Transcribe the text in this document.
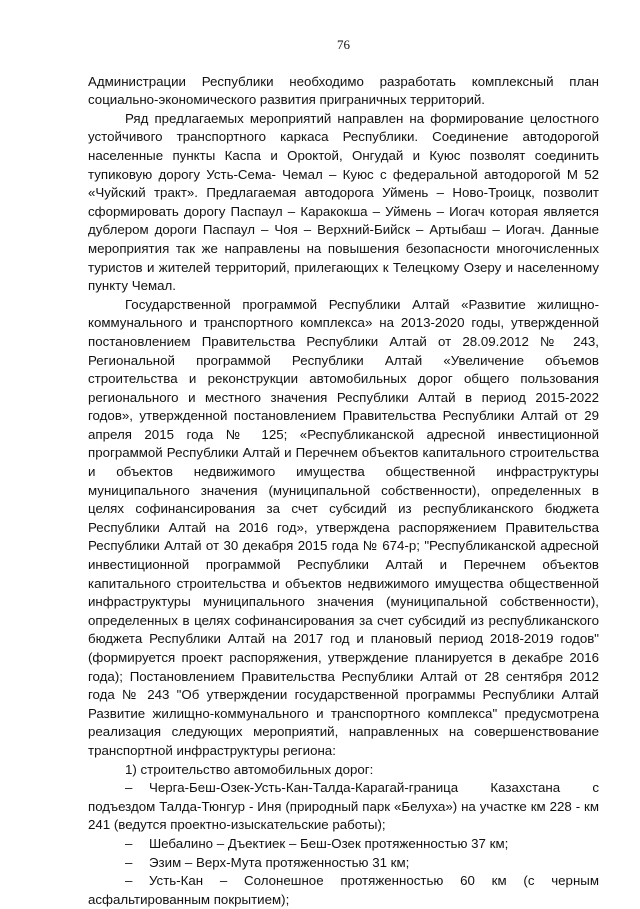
76

Администрации Республики необходимо разработать комплексный план социально-экономического развития приграничных территорий.

Ряд предлагаемых мероприятий направлен на формирование целостного устойчивого транспортного каркаса Республики. Соединение автодорогой населенные пункты Каспа и Ороктой, Онгудай и Куюс позволят соединить тупиковую дорогу Усть-Сема- Чемал – Куюс с федеральной автодорогой М 52 «Чуйский тракт». Предлагаемая автодорога Уймень – Ново-Троицк, позволит сформировать дорогу Паспаул – Каракокша – Уймень – Иогач которая является дублером дороги Паспаул – Чоя – Верхний-Бийск – Артыбаш – Иогач. Данные мероприятия так же направлены на повышения безопасности многочисленных туристов и жителей территорий, прилегающих к Телецкому Озеру и населенному пункту Чемал.

Государственной программой Республики Алтай «Развитие жилищно-коммунального и транспортного комплекса» на 2013-2020 годы, утвержденной постановлением Правительства Республики Алтай от 28.09.2012 № 243, Региональной программой Республики Алтай «Увеличение объемов строительства и реконструкции автомобильных дорог общего пользования регионального и местного значения Республики Алтай в период 2015-2022 годов», утвержденной постановлением Правительства Республики Алтай от 29 апреля 2015 года № 125; «Республиканской адресной инвестиционной программой Республики Алтай и Перечнем объектов капитального строительства и объектов недвижимого имущества общественной инфраструктуры муниципального значения (муниципальной собственности), определенных в целях софинансирования за счет субсидий из республиканского бюджета Республики Алтай на 2016 год», утверждена распоряжением Правительства Республики Алтай от 30 декабря 2015 года № 674-р; "Республиканской адресной инвестиционной программой Республики Алтай и Перечнем объектов капитального строительства и объектов недвижимого имущества общественной инфраструктуры муниципального значения (муниципальной собственности), определенных в целях софинансирования за счет субсидий из республиканского бюджета Республики Алтай на 2017 год и плановый период 2018-2019 годов" (формируется проект распоряжения, утверждение планируется в декабре 2016 года); Постановлением Правительства Республики Алтай от 28 сентября 2012 года № 243 "Об утверждении государственной программы Республики Алтай Развитие жилищно-коммунального и транспортного комплекса" предусмотрена реализация следующих мероприятий, направленных на совершенствование транспортной инфраструктуры региона:

1) строительство автомобильных дорог:

– Черга-Беш-Озек-Усть-Кан-Талда-Карагай-граница Казахстана с подъездом Талда-Тюнгур - Иня (природный парк «Белуха») на участке км 228 - км 241 (ведутся проектно-изыскательские работы);

– Шебалино – Дъектиек – Беш-Озек протяженностью 37 км;

– Эзим – Верх-Мута протяженностью 31 км;

– Усть-Кан – Солонешное протяженностью 60 км (с черным асфальтированным покрытием);
